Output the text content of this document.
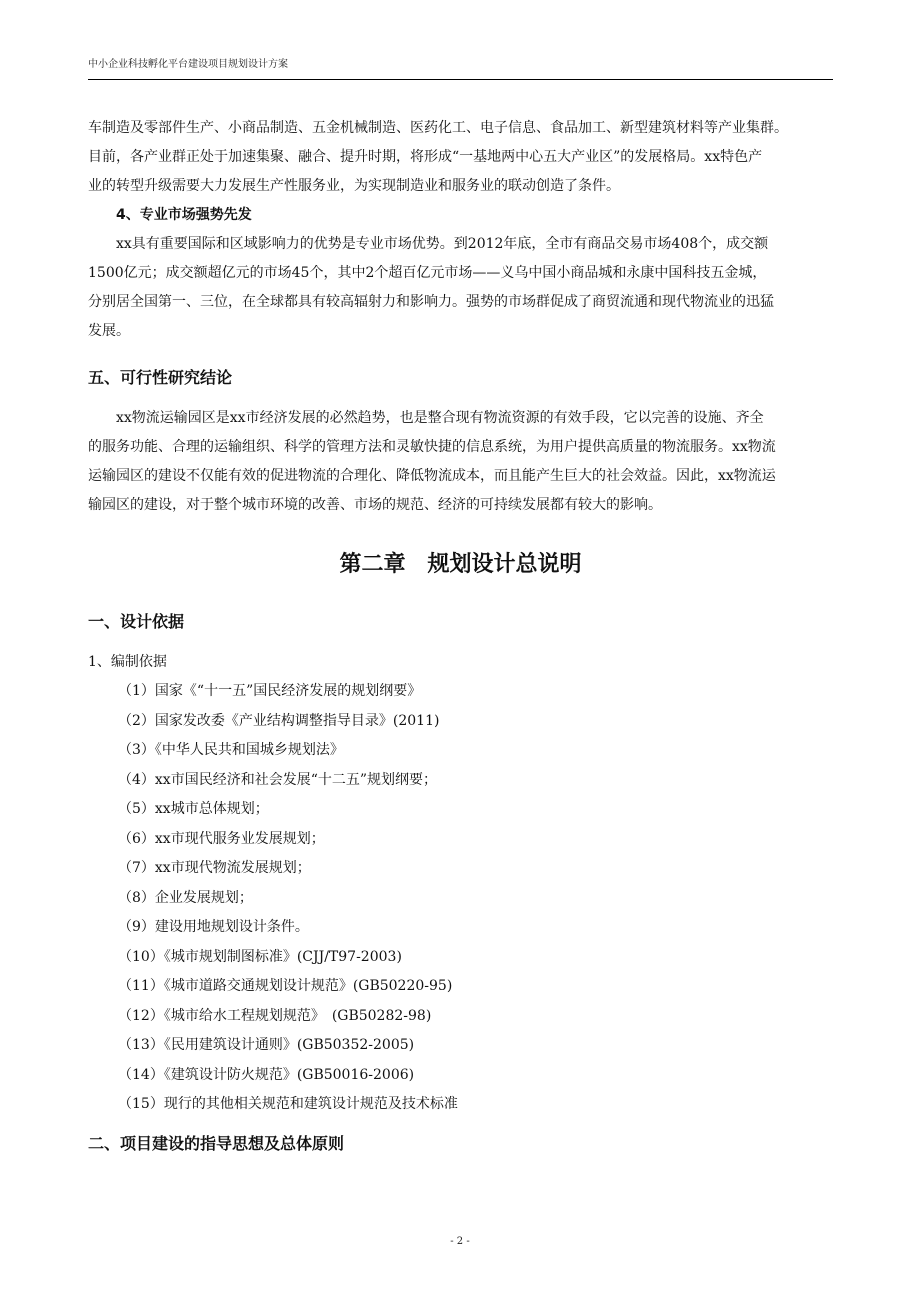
中小企业科技孵化平台建设项目规划设计方案

车制造及零部件生产、小商品制造、五金机械制造、医药化工、电子信息、食品加工、新型建筑材料等产业集群。

目前，各产业群正处于加速集聚、融合、提升时期，将形成“一基地两中心五大产业区”的发展格局。xx特色产

业的转型升级需要大力发展生产性服务业，为实现制造业和服务业的联动创造了条件。

4、专业市场强势先发

xx具有重要国际和区域影响力的优势是专业市场优势。到2012年底，全市有商品交易市场408个，成交额

1500亿元；成交额超亿元的市场45个，其中2个超百亿元市场——义乌中国小商品城和永康中国科技五金城，

分别居全国第一、三位，在全球都具有较高辐射力和影响力。强势的市场群促成了商贸流通和现代物流业的迅猛

发展。

五、可行性研究结论

xx物流运输园区是xx市经济发展的必然趋势，也是整合现有物流资源的有效手段，它以完善的设施、齐全

的服务功能、合理的运输组织、科学的管理方法和灵敏快捷的信息系统，为用户提供高质量的物流服务。xx物流

运输园区的建设不仅能有效的促进物流的合理化、降低物流成本，而且能产生巨大的社会效益。因此，xx物流运

输园区的建设，对于整个城市环境的改善、市场的规范、经济的可持续发展都有较大的影响。

第二章　规划设计总说明

一、设计依据

1、编制依据

（1）国家《“十一五”国民经济发展的规划纲要》
（2）国家发改委《产业结构调整指导目录》(2011)
（3）《中华人民共和国城乡规划法》
（4）xx市国民经济和社会发展“十二五”规划纲要；
（5）xx城市总体规划；
（6）xx市现代服务业发展规划；
（7）xx市现代物流发展规划；
（8）企业发展规划；
（9）建设用地规划设计条件。
（10）《城市规划制图标准》(CJJ/T97-2003)
（11）《城市道路交通规划设计规范》(GB50220-95)
（12）《城市给水工程规划规范》　(GB50282-98)
（13）《民用建筑设计通则》(GB50352-2005)
（14）《建筑设计防火规范》(GB50016-2006)
（15）现行的其他相关规范和建筑设计规范及技术标准

二、项目建设的指导思想及总体原则

- 2 -
